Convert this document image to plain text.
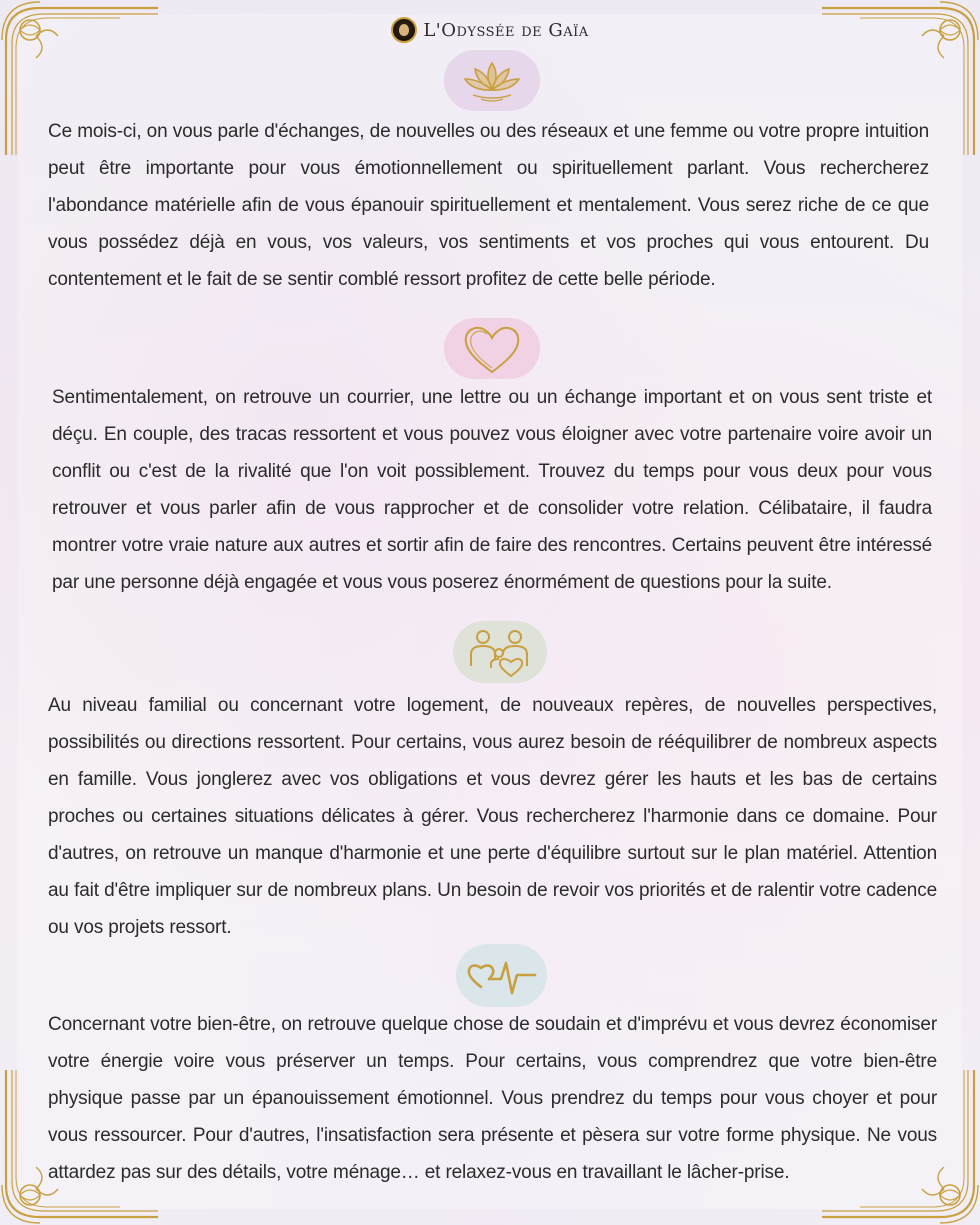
L'Odyssée de Gaïa

Ce mois-ci, on vous parle d'échanges, de nouvelles ou des réseaux et une femme ou votre propre intuition peut être importante pour vous émotionnellement ou spirituellement parlant. Vous rechercherez l'abondance matérielle afin de vous épanouir spirituellement et mentalement. Vous serez riche de ce que vous possédez déjà en vous, vos valeurs, vos sentiments et vos proches qui vous entourent. Du contentement et le fait de se sentir comblé ressort profitez de cette belle période.

Sentimentalement, on retrouve un courrier, une lettre ou un échange important et on vous sent triste et déçu. En couple, des tracas ressortent et vous pouvez vous éloigner avec votre partenaire voire avoir un conflit ou c'est de la rivalité que l'on voit possiblement. Trouvez du temps pour vous deux pour vous retrouver et vous parler afin de vous rapprocher et de consolider votre relation. Célibataire, il faudra montrer votre vraie nature aux autres et sortir afin de faire des rencontres. Certains peuvent être intéressé par une personne déjà engagée et vous vous poserez énormément de questions pour la suite.

Au niveau familial ou concernant votre logement, de nouveaux repères, de nouvelles perspectives, possibilités ou directions ressortent. Pour certains, vous aurez besoin de rééquilibrer de nombreux aspects en famille. Vous jonglerez avec vos obligations et vous devrez gérer les hauts et les bas de certains proches ou certaines situations délicates à gérer. Vous rechercherez l'harmonie dans ce domaine. Pour d'autres, on retrouve un manque d'harmonie et une perte d'équilibre surtout sur le plan matériel. Attention au fait d'être impliquer sur de nombreux plans. Un besoin de revoir vos priorités et de ralentir votre cadence ou vos projets ressort.

Concernant votre bien-être, on retrouve quelque chose de soudain et d'imprévu et vous devrez économiser votre énergie voire vous préserver un temps. Pour certains, vous comprendrez que votre bien-être physique passe par un épanouissement émotionnel. Vous prendrez du temps pour vous choyer et pour vous ressourcer. Pour d'autres, l'insatisfaction sera présente et pèsera sur votre forme physique. Ne vous attardez pas sur des détails, votre ménage… et relaxez-vous en travaillant le lâcher-prise.
